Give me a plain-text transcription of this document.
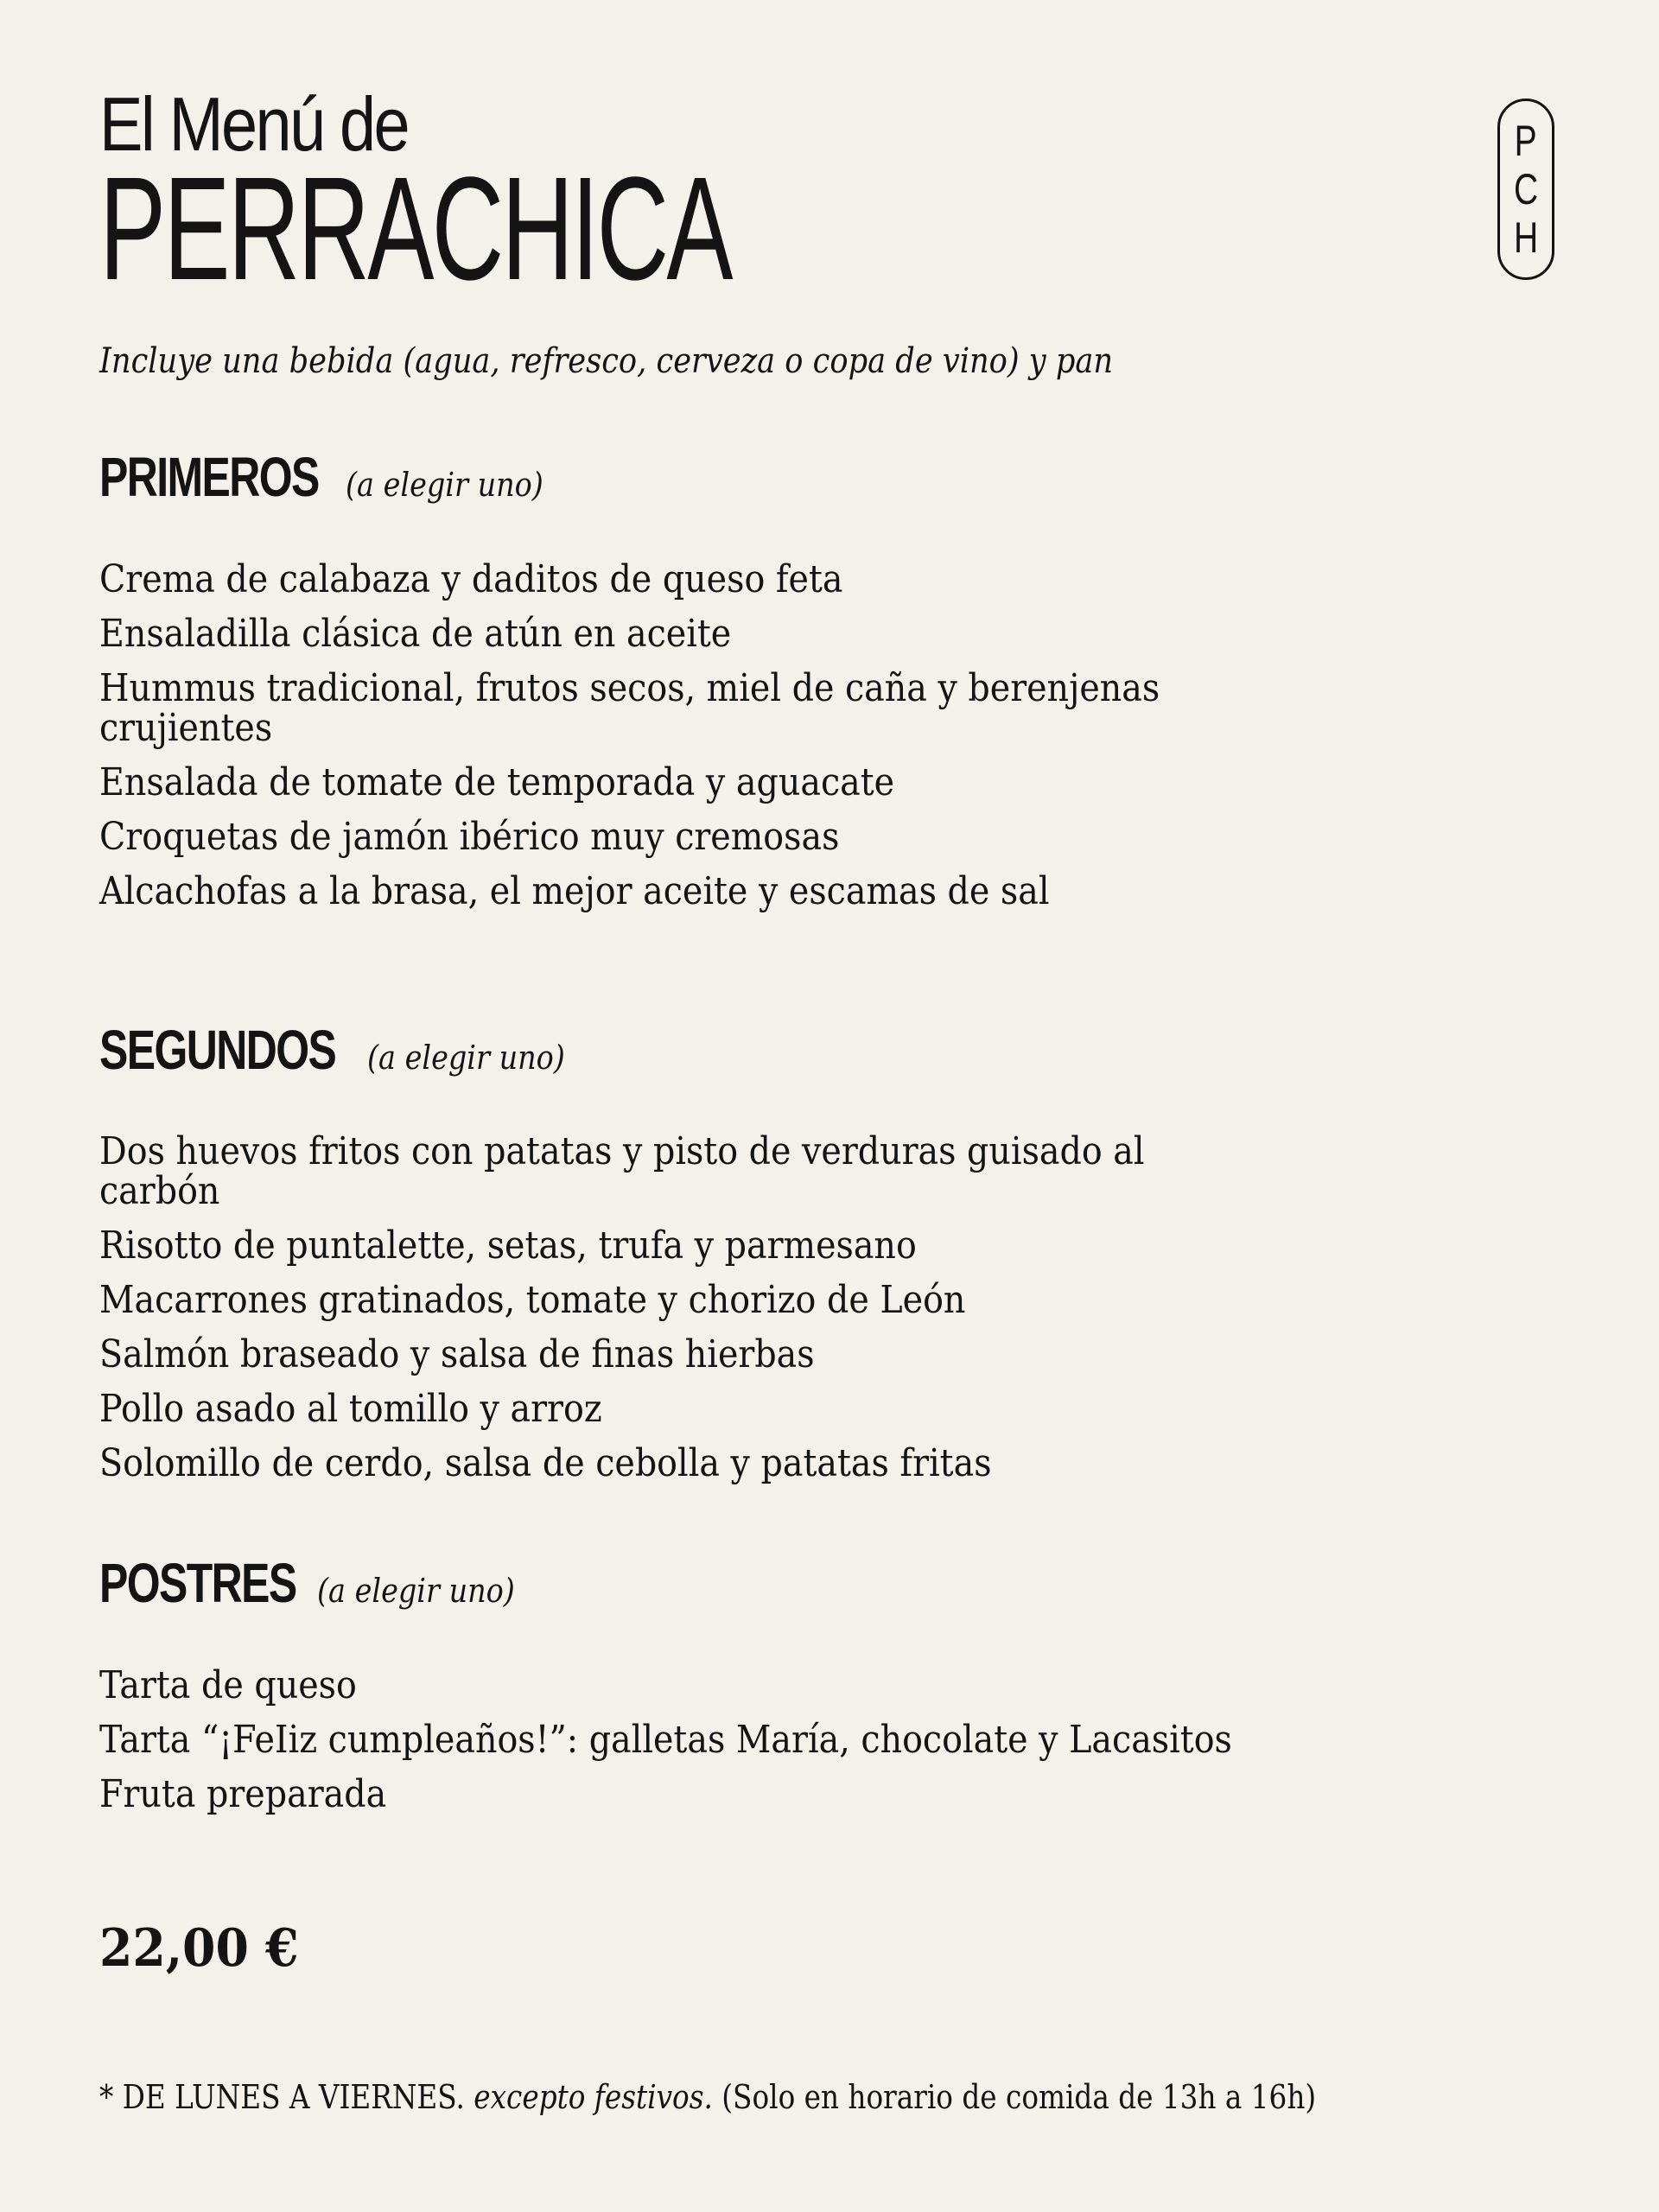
El Menú de
PERRACHICA
P
C
H
Incluye una bebida (agua, refresco, cerveza o copa de vino) y pan
PRIMEROS (a elegir uno)
Crema de calabaza y daditos de queso feta
Ensaladilla clásica de atún en aceite
Hummus tradicional, frutos secos, miel de caña y berenjenas crujientes
Ensalada de tomate de temporada y aguacate
Croquetas de jamón ibérico muy cremosas
Alcachofas a la brasa, el mejor aceite y escamas de sal
SEGUNDOS (a elegir uno)
Dos huevos fritos con patatas y pisto de verduras guisado al carbón
Risotto de puntalette, setas, trufa y parmesano
Macarrones gratinados, tomate y chorizo de León
Salmón braseado y salsa de finas hierbas
Pollo asado al tomillo y arroz
Solomillo de cerdo, salsa de cebolla y patatas fritas
POSTRES (a elegir uno)
Tarta de queso
Tarta “¡FeIiz cumpleaños!”: galletas María, chocolate y Lacasitos
Fruta preparada
22,00 €
* DE LUNES A VIERNES. excepto festivos. (Solo en horario de comida de 13h a 16h)
